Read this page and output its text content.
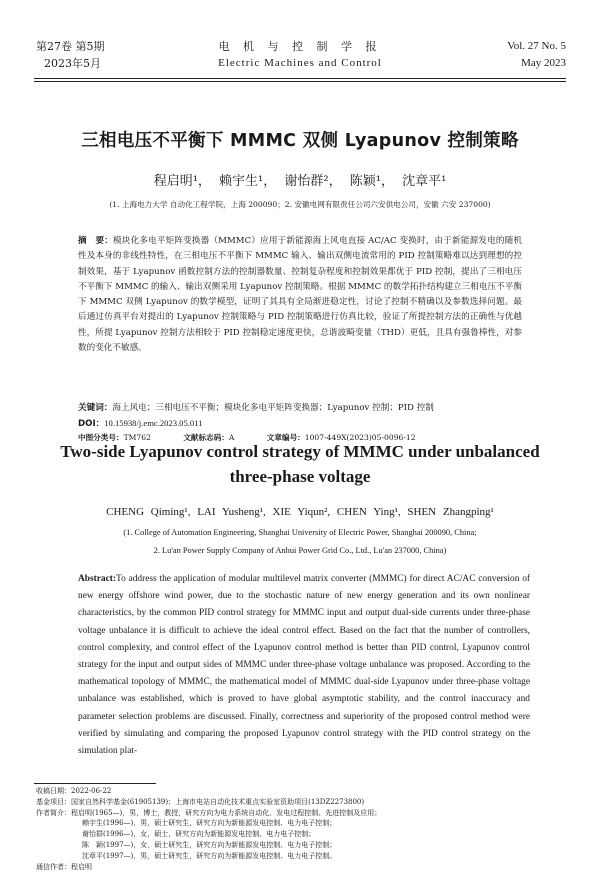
第27卷 第5期
2023年5月
电 机 与 控 制 学 报
Electric Machines and Control
Vol. 27 No. 5
May 2023
三相电压不平衡下 MMMC 双侧 Lyapunov 控制策略
程启明¹， 赖宇生¹， 谢怡群²， 陈颖¹， 沈章平¹
(1. 上海电力大学 自动化工程学院，上海 200090；2. 安徽电网有限责任公司六安供电公司，安徽 六安 237000)
摘　要：模块化多电平矩阵变换器（MMMC）应用于新能源海上风电直接 AC/AC 变换时，由于新能源发电的随机性及本身的非线性特性，在三相电压不平衡下 MMMC 输入、输出双侧电流常用的 PID 控制策略难以达到理想的控制效果，基于 Lyapunov 函数控制方法的控制器数量、控制复杂程度和控制效果都优于 PID 控制，提出了三相电压不平衡下 MMMC 的输入、输出双侧采用 Lyapunov 控制策略。根据 MMMC 的数学拓扑结构建立三相电压不平衡下 MMMC 双侧 Lyapunov 的数学模型，证明了其具有全局渐进稳定性，讨论了控制不精确以及参数选择问题。最后通过仿真平台对提出的 Lyapunov 控制策略与 PID 控制策略进行仿真比较，验证了所提控制方法的正确性与优越性，所提 Lyapunov 控制方法相较于 PID 控制稳定速度更快，总谐波畸变量（THD）更低，且具有强鲁棒性，对参数的变化不敏感。
关键词：海上风电；三相电压不平衡；模块化多电平矩阵变换器；Lyapunov 控制；PID 控制
DOI：10.15938/j.emc.2023.05.011
中图分类号：TM762	文献标志码：A	文章编号：1007-449X(2023)05-0096-12
Two-side Lyapunov control strategy of MMMC under unbalanced
three-phase voltage
CHENG Qiming¹, LAI Yusheng¹, XIE Yiqun², CHEN Ying¹, SHEN Zhangping¹
(1. College of Automation Engineering, Shanghai University of Electric Power, Shanghai 200090, China;
2. Lu'an Power Supply Company of Anhui Power Grid Co., Ltd., Lu'an 237000, China)
Abstract:To address the application of modular multilevel matrix converter (MMMC) for direct AC/AC conversion of new energy offshore wind power, due to the stochastic nature of new energy generation and its own nonlinear characteristics, by the common PID control strategy for MMMC input and output dual-side currents under three-phase voltage unbalance it is difficult to achieve the ideal control effect. Based on the fact that the number of controllers, control complexity, and control effect of the Lyapunov control method is better than PID control, Lyapunov control strategy for the input and output sides of MMMC under three-phase voltage unbalance was proposed. According to the mathematical topology of MMMC, the mathematical model of MMMC dual-side Lyapunov under three-phase voltage unbalance was established, which is proved to have global asymptotic stability, and the control inaccuracy and parameter selection problems are discussed. Finally, correctness and superiority of the proposed control method were verified by simulating and comparing the proposed Lyapunov control strategy with the PID control strategy on the simulation plat-
收稿日期：2022-06-22
基金项目：国家自然科学基金(61905139)；上海市电站自动化技术重点实验室资助项目(13DZ2273800)
作者简介：程启明(1965—)，男，博士，教授，研究方向为电力系统自动化、发电过程控制、先进控制及应用；
赖宇生(1996—)，男，硕士研究生，研究方向为新能源发电控制、电力电子控制；
谢怡群(1996—)，女，硕士，研究方向为新能源发电控制、电力电子控制；
陈　颖(1997—)，女，硕士研究生，研究方向为新能源发电控制、电力电子控制；
沈章平(1997—)，男，硕士研究生，研究方向为新能源发电控制、电力电子控制。
通信作者：程启明
